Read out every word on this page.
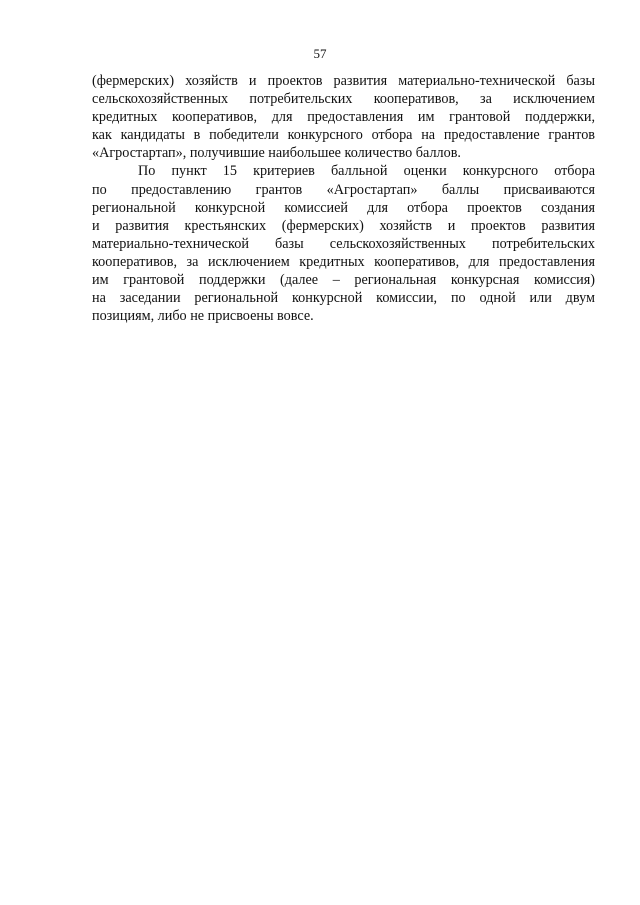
57
(фермерских) хозяйств и проектов развития материально-технической базы
сельскохозяйственных потребительских кооперативов, за исключением
кредитных кооперативов, для предоставления им грантовой поддержки,
как кандидаты в победители конкурсного отбора на предоставление грантов
«Агростартап», получившие наибольшее количество баллов.
По пункт 15 критериев балльной оценки конкурсного отбора
по предоставлению грантов «Агростартап» баллы присваиваются
региональной конкурсной комиссией для отбора проектов создания
и развития крестьянских (фермерских) хозяйств и проектов развития
материально-технической базы сельскохозяйственных потребительских
кооперативов, за исключением кредитных кооперативов, для предоставления
им грантовой поддержки (далее – региональная конкурсная комиссия)
на заседании региональной конкурсной комиссии, по одной или двум
позициям, либо не присвоены вовсе.
